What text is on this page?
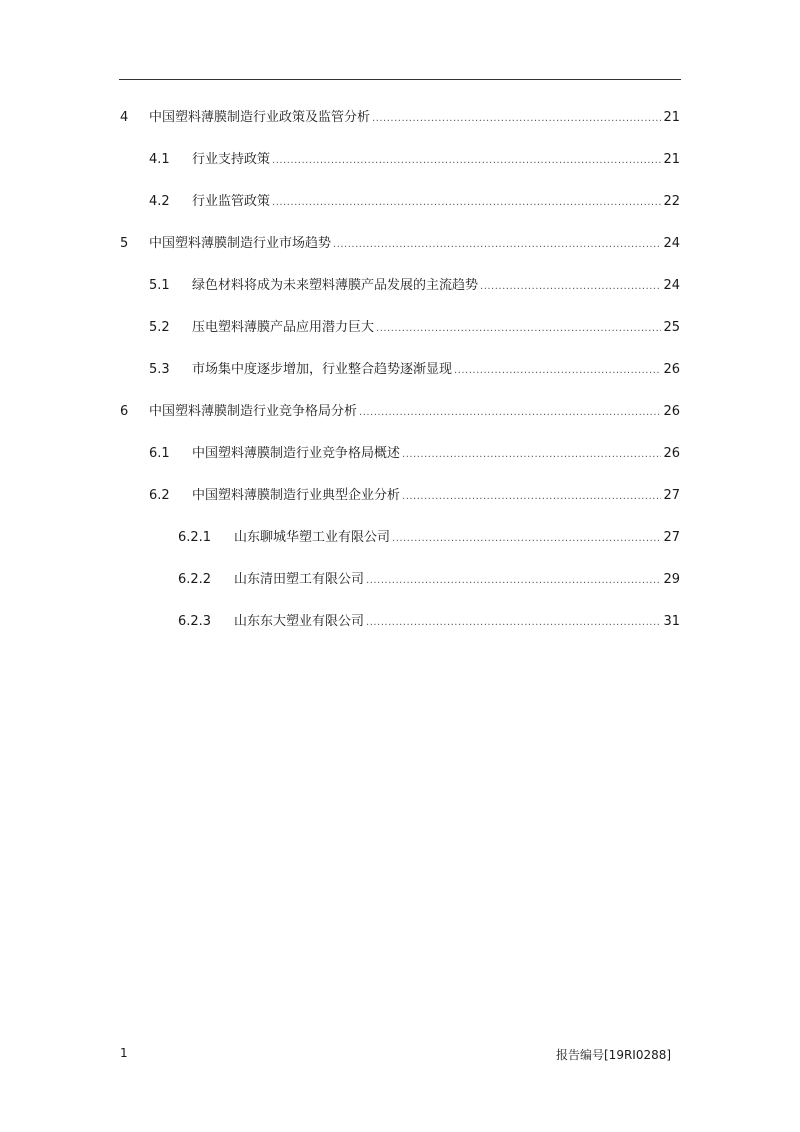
4	中国塑料薄膜制造行业政策及监管分析 .....	21
4.1	行业支持政策 .....	21
4.2	行业监管政策 .....	22
5	中国塑料薄膜制造行业市场趋势 .....	24
5.1	绿色材料将成为未来塑料薄膜产品发展的主流趋势 .....	24
5.2	压电塑料薄膜产品应用潜力巨大 .....	25
5.3	市场集中度逐步增加，行业整合趋势逐渐显现 .....	26
6	中国塑料薄膜制造行业竞争格局分析 .....	26
6.1	中国塑料薄膜制造行业竞争格局概述 .....	26
6.2	中国塑料薄膜制造行业典型企业分析 .....	27
6.2.1	山东聊城华塑工业有限公司 .....	27
6.2.2	山东清田塑工有限公司 .....	29
6.2.3	山东东大塑业有限公司 .....	31
1	报告编号[19RI0288]
